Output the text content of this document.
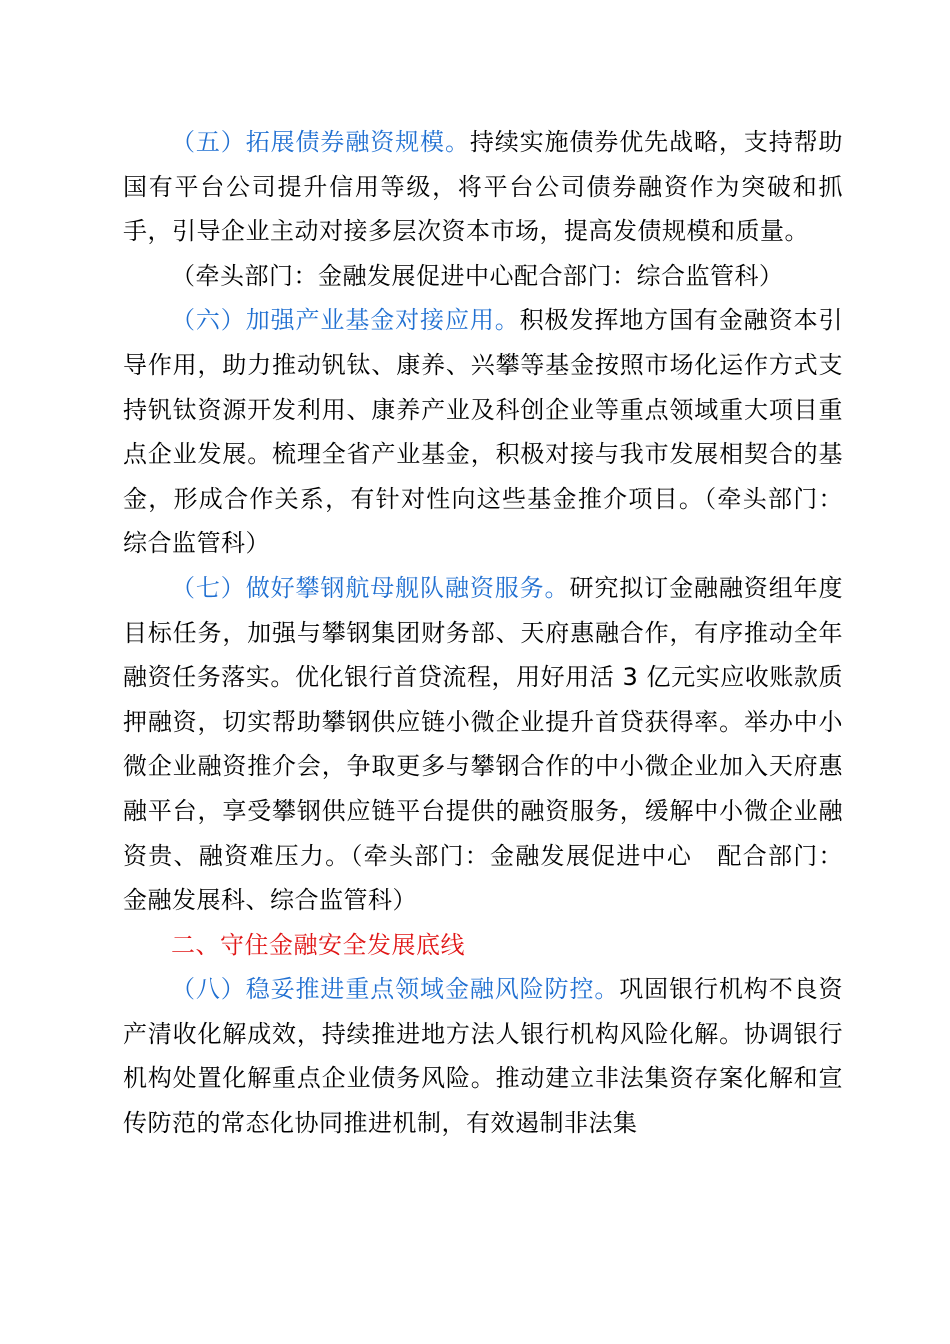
（五）拓展债券融资规模。持续实施债券优先战略，支持帮助国有平台公司提升信用等级，将平台公司债券融资作为突破和抓手，引导企业主动对接多层次资本市场，提高发债规模和质量。

（牵头部门：金融发展促进中心配合部门：综合监管科）

（六）加强产业基金对接应用。积极发挥地方国有金融资本引导作用，助力推动钒钛、康养、兴攀等基金按照市场化运作方式支持钒钛资源开发利用、康养产业及科创企业等重点领域重大项目重点企业发展。梳理全省产业基金，积极对接与我市发展相契合的基金，形成合作关系，有针对性向这些基金推介项目。（牵头部门：综合监管科）

（七）做好攀钢航母舰队融资服务。研究拟订金融融资组年度目标任务，加强与攀钢集团财务部、天府惠融合作，有序推动全年融资任务落实。优化银行首贷流程，用好用活 3 亿元实应收账款质押融资，切实帮助攀钢供应链小微企业提升首贷获得率。举办中小微企业融资推介会，争取更多与攀钢合作的中小微企业加入天府惠融平台，享受攀钢供应链平台提供的融资服务，缓解中小微企业融资贵、融资难压力。（牵头部门：金融发展促进中心　配合部门：金融发展科、综合监管科）

二、守住金融安全发展底线

（八）稳妥推进重点领域金融风险防控。巩固银行机构不良资产清收化解成效，持续推进地方法人银行机构风险化解。协调银行机构处置化解重点企业债务风险。推动建立非法集资存案化解和宣传防范的常态化协同推进机制，有效遏制非法集
